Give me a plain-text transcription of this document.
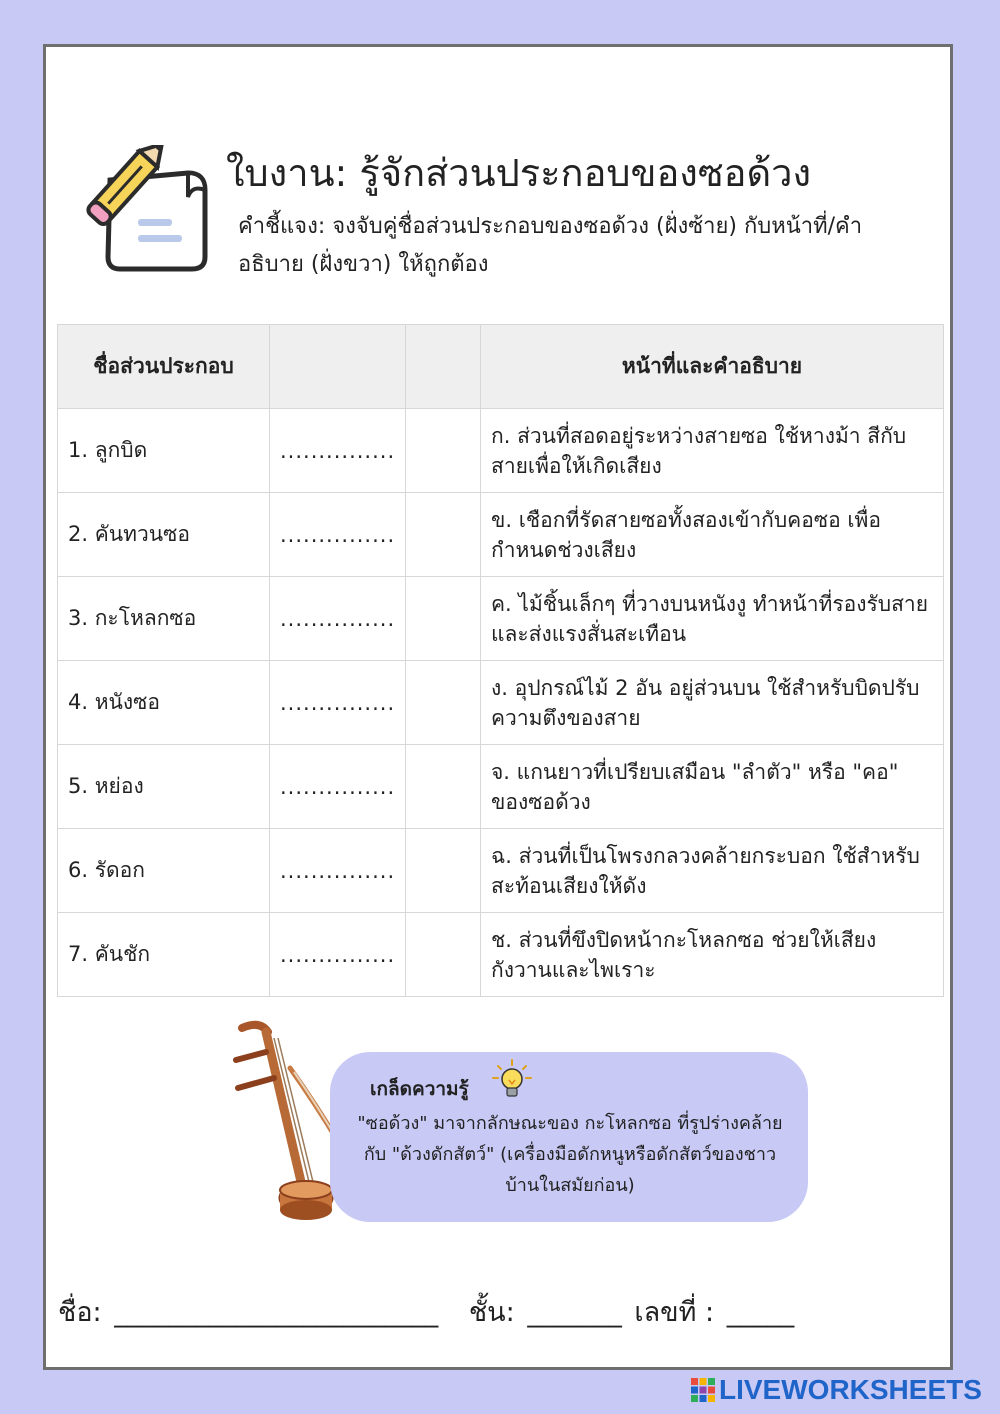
ใบงาน: รู้จักส่วนประกอบของซอด้วง
คำชี้แจง: จงจับคู่ชื่อส่วนประกอบของซอด้วง (ฝั่งซ้าย) กับหน้าที่/คำอธิบาย (ฝั่งขวา) ให้ถูกต้อง
ชื่อส่วนประกอบ			หน้าที่และคำอธิบาย
1. ลูกบิด	...............		ก. ส่วนที่สอดอยู่ระหว่างสายซอ ใช้หางม้า สีกับสายเพื่อให้เกิดเสียง
2. คันทวนซอ	...............		ข. เชือกที่รัดสายซอทั้งสองเข้ากับคอซอ เพื่อกำหนดช่วงเสียง
3. กะโหลกซอ	...............		ค. ไม้ชิ้นเล็กๆ ที่วางบนหนังงู ทำหน้าที่รองรับสายและส่งแรงสั่นสะเทือน
4. หนังซอ	...............		ง. อุปกรณ์ไม้ 2 อัน อยู่ส่วนบน ใช้สำหรับบิดปรับความตึงของสาย
5. หย่อง	...............		จ. แกนยาวที่เปรียบเสมือน "ลำตัว" หรือ "คอ" ของซอด้วง
6. รัดอก	...............		ฉ. ส่วนที่เป็นโพรงกลวงคล้ายกระบอก ใช้สำหรับสะท้อนเสียงให้ดัง
7. คันชัก	...............		ช. ส่วนที่ขึงปิดหน้ากะโหลกซอ ช่วยให้เสียงกังวานและไพเราะ
เกล็ดความรู้
"ซอด้วง" มาจากลักษณะของ กะโหลกซอ ที่รูปร่างคล้ายกับ "ด้วงดักสัตว์" (เครื่องมือดักหนูหรือดักสัตว์ของชาวบ้านในสมัยก่อน)
ชื่อ: ________________________ ชั้น: _______ เลขที่ : _____
LIVEWORKSHEETS
